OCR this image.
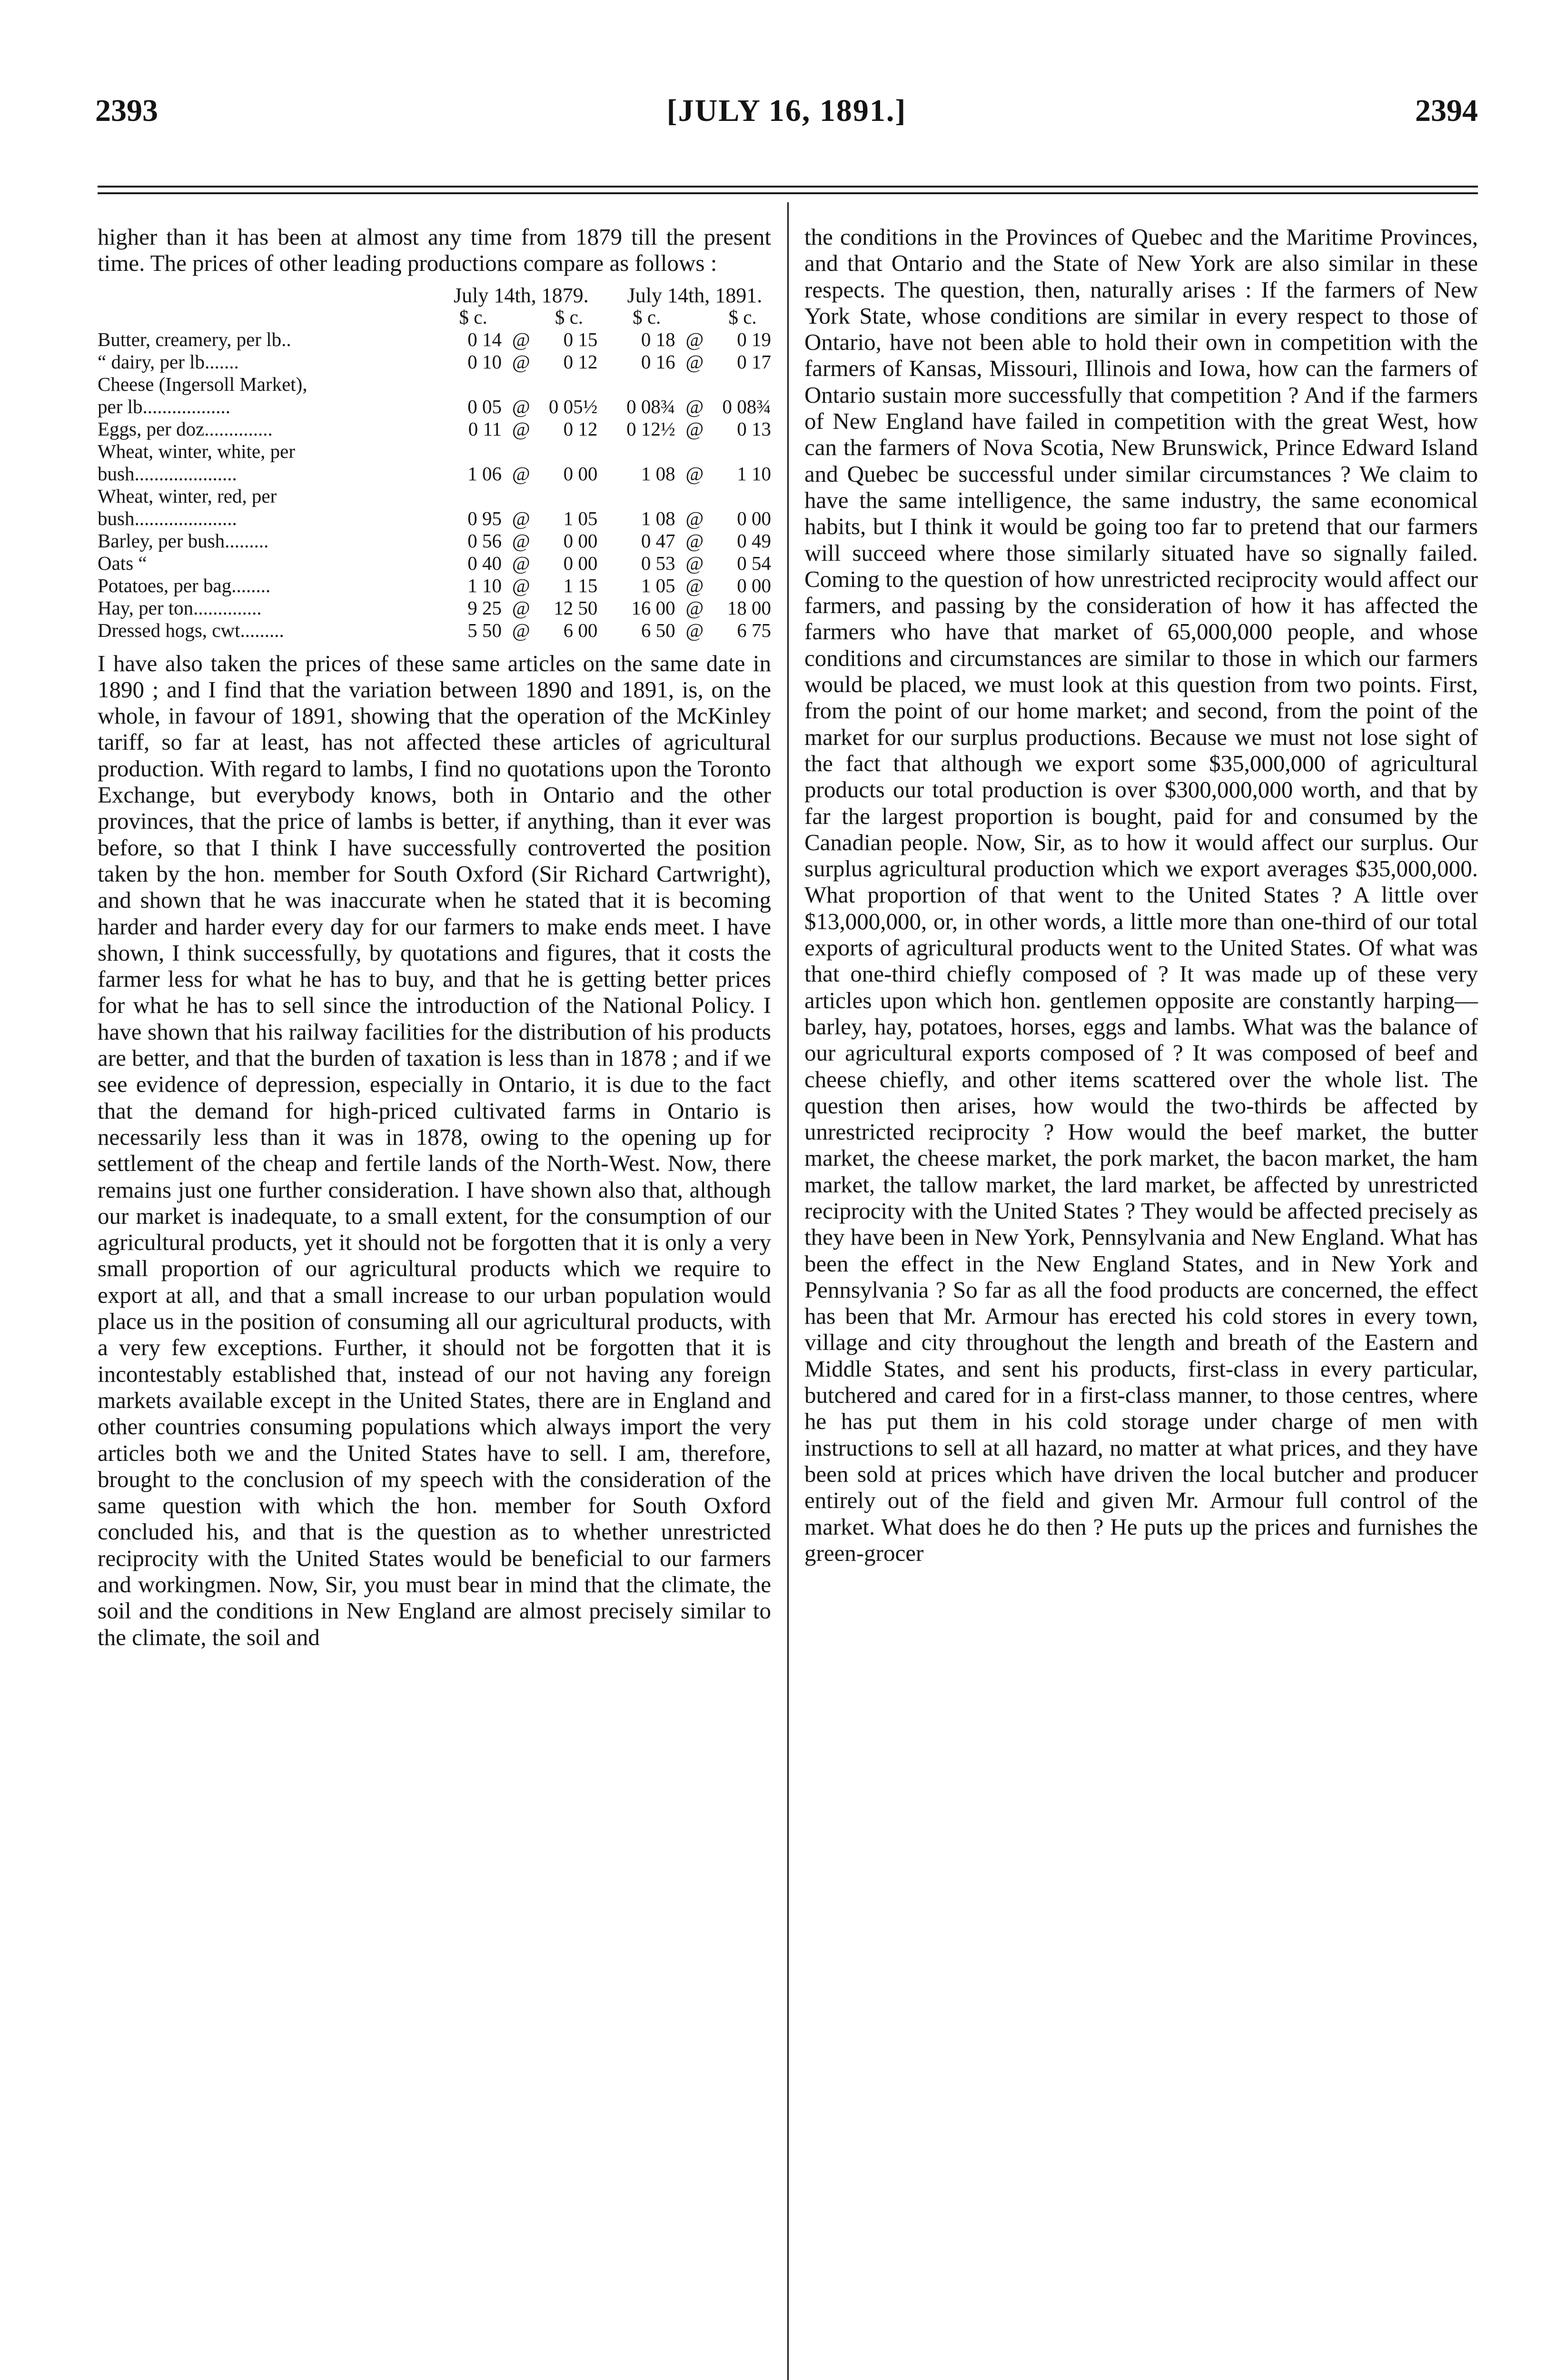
2393	[JULY 16, 1891.]	2394

higher than it has been at almost any time from 1879 till the present time. The prices of other leading productions compare as follows :

	July 14th, 1879.				July 14th, 1891.		
	$ c.		$ c.		$ c.		$ c.
Butter, creamery, per lb..	0 14	@	0 15		0 18	@	0 19
“ dairy, per lb.......	0 10	@	0 12		0 16	@	0 17
Cheese (Ingersoll Market),							
per lb..................	0 05	@	0 05½		0 08¾	@	0 08¾
Eggs, per doz..............	0 11	@	0 12		0 12½	@	0 13
Wheat, winter, white, per							
bush.....................	1 06	@	0 00		1 08	@	1 10
Wheat, winter, red, per							
bush.....................	0 95	@	1 05		1 08	@	0 00
Barley, per bush.........	0 56	@	0 00		0 47	@	0 49
Oats “	0 40	@	0 00		0 53	@	0 54
Potatoes, per bag........	1 10	@	1 15		1 05	@	0 00
Hay, per ton..............	9 25	@	12 50		16 00	@	18 00
Dressed hogs, cwt.........	5 50	@	6 00		6 50	@	6 75

I have also taken the prices of these same articles on the same date in 1890 ; and I find that the variation between 1890 and 1891, is, on the whole, in favour of 1891, showing that the operation of the McKinley tariff, so far at least, has not affected these articles of agricultural production. With regard to lambs, I find no quotations upon the Toronto Exchange, but everybody knows, both in Ontario and the other provinces, that the price of lambs is better, if anything, than it ever was before, so that I think I have successfully controverted the position taken by the hon. member for South Oxford (Sir Richard Cartwright), and shown that he was inaccurate when he stated that it is becoming harder and harder every day for our farmers to make ends meet. I have shown, I think successfully, by quotations and figures, that it costs the farmer less for what he has to buy, and that he is getting better prices for what he has to sell since the introduction of the National Policy. I have shown that his railway facilities for the distribution of his products are better, and that the burden of taxation is less than in 1878 ; and if we see evidence of depression, especially in Ontario, it is due to the fact that the demand for high-priced cultivated farms in Ontario is necessarily less than it was in 1878, owing to the opening up for settlement of the cheap and fertile lands of the North-West. Now, there remains just one further consideration. I have shown also that, although our market is inadequate, to a small extent, for the consumption of our agricultural products, yet it should not be forgotten that it is only a very small proportion of our agricultural products which we require to export at all, and that a small increase to our urban population would place us in the position of consuming all our agricultural products, with a very few exceptions. Further, it should not be forgotten that it is incontestably established that, instead of our not having any foreign markets available except in the United States, there are in England and other countries consuming populations which always import the very articles both we and the United States have to sell. I am, therefore, brought to the conclusion of my speech with the consideration of the same question with which the hon. member for South Oxford concluded his, and that is the question as to whether unrestricted reciprocity with the United States would be beneficial to our farmers and workingmen. Now, Sir, you must bear in mind that the climate, the soil and the conditions in New England are almost precisely similar to the climate, the soil and

the conditions in the Provinces of Quebec and the Maritime Provinces, and that Ontario and the State of New York are also similar in these respects. The question, then, naturally arises : If the farmers of New York State, whose conditions are similar in every respect to those of Ontario, have not been able to hold their own in competition with the farmers of Kansas, Missouri, Illinois and Iowa, how can the farmers of Ontario sustain more successfully that competition ? And if the farmers of New England have failed in competition with the great West, how can the farmers of Nova Scotia, New Brunswick, Prince Edward Island and Quebec be successful under similar circumstances ? We claim to have the same intelligence, the same industry, the same economical habits, but I think it would be going too far to pretend that our farmers will succeed where those similarly situated have so signally failed. Coming to the question of how unrestricted reciprocity would affect our farmers, and passing by the consideration of how it has affected the farmers who have that market of 65,000,000 people, and whose conditions and circumstances are similar to those in which our farmers would be placed, we must look at this question from two points. First, from the point of our home market; and second, from the point of the market for our surplus productions. Because we must not lose sight of the fact that although we export some $35,000,000 of agricultural products our total production is over $300,000,000 worth, and that by far the largest proportion is bought, paid for and consumed by the Canadian people. Now, Sir, as to how it would affect our surplus. Our surplus agricultural production which we export averages $35,000,000. What proportion of that went to the United States ? A little over $13,000,000, or, in other words, a little more than one-third of our total exports of agricultural products went to the United States. Of what was that one-third chiefly composed of ? It was made up of these very articles upon which hon. gentlemen opposite are constantly harping—barley, hay, potatoes, horses, eggs and lambs. What was the balance of our agricultural exports composed of ? It was composed of beef and cheese chiefly, and other items scattered over the whole list. The question then arises, how would the two-thirds be affected by unrestricted reciprocity ? How would the beef market, the butter market, the cheese market, the pork market, the bacon market, the ham market, the tallow market, the lard market, be affected by unrestricted reciprocity with the United States ? They would be affected precisely as they have been in New York, Pennsylvania and New England. What has been the effect in the New England States, and in New York and Pennsylvania ? So far as all the food products are concerned, the effect has been that Mr. Armour has erected his cold stores in every town, village and city throughout the length and breath of the Eastern and Middle States, and sent his products, first-class in every particular, butchered and cared for in a first-class manner, to those centres, where he has put them in his cold storage under charge of men with instructions to sell at all hazard, no matter at what prices, and they have been sold at prices which have driven the local butcher and producer entirely out of the field and given Mr. Armour full control of the market. What does he do then ? He puts up the prices and furnishes the green-grocer
